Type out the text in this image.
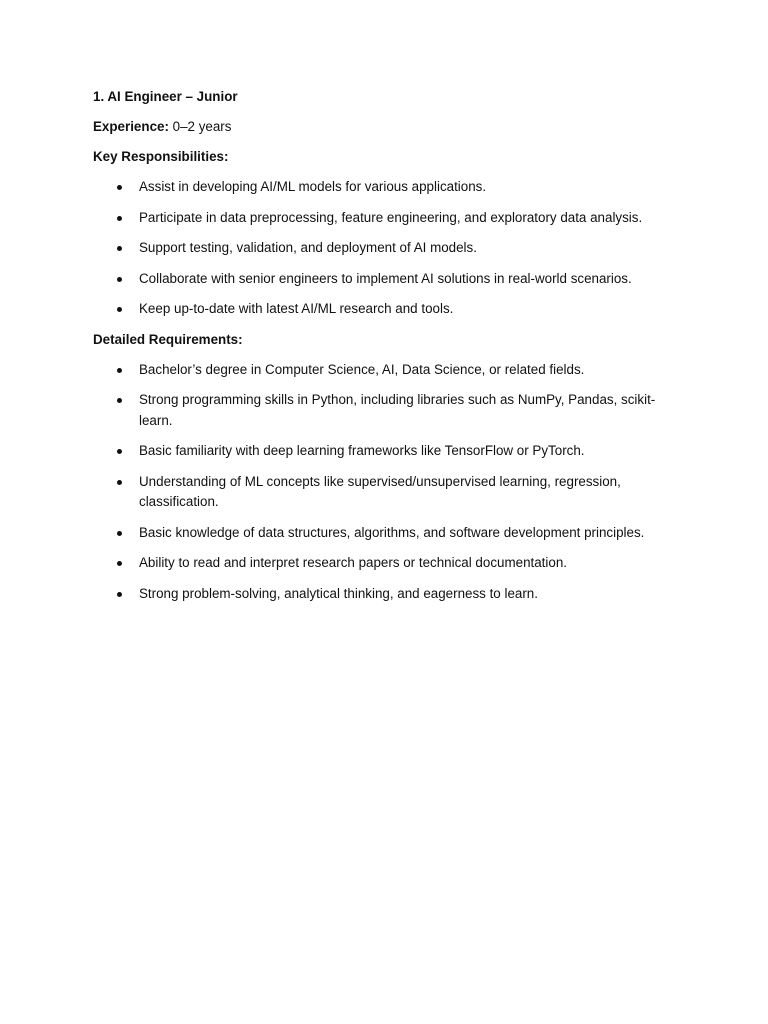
1. AI Engineer – Junior
Experience: 0–2 years
Key Responsibilities:
Assist in developing AI/ML models for various applications.
Participate in data preprocessing, feature engineering, and exploratory data analysis.
Support testing, validation, and deployment of AI models.
Collaborate with senior engineers to implement AI solutions in real-world scenarios.
Keep up-to-date with latest AI/ML research and tools.
Detailed Requirements:
Bachelor’s degree in Computer Science, AI, Data Science, or related fields.
Strong programming skills in Python, including libraries such as NumPy, Pandas, scikit-learn.
Basic familiarity with deep learning frameworks like TensorFlow or PyTorch.
Understanding of ML concepts like supervised/unsupervised learning, regression, classification.
Basic knowledge of data structures, algorithms, and software development principles.
Ability to read and interpret research papers or technical documentation.
Strong problem-solving, analytical thinking, and eagerness to learn.
